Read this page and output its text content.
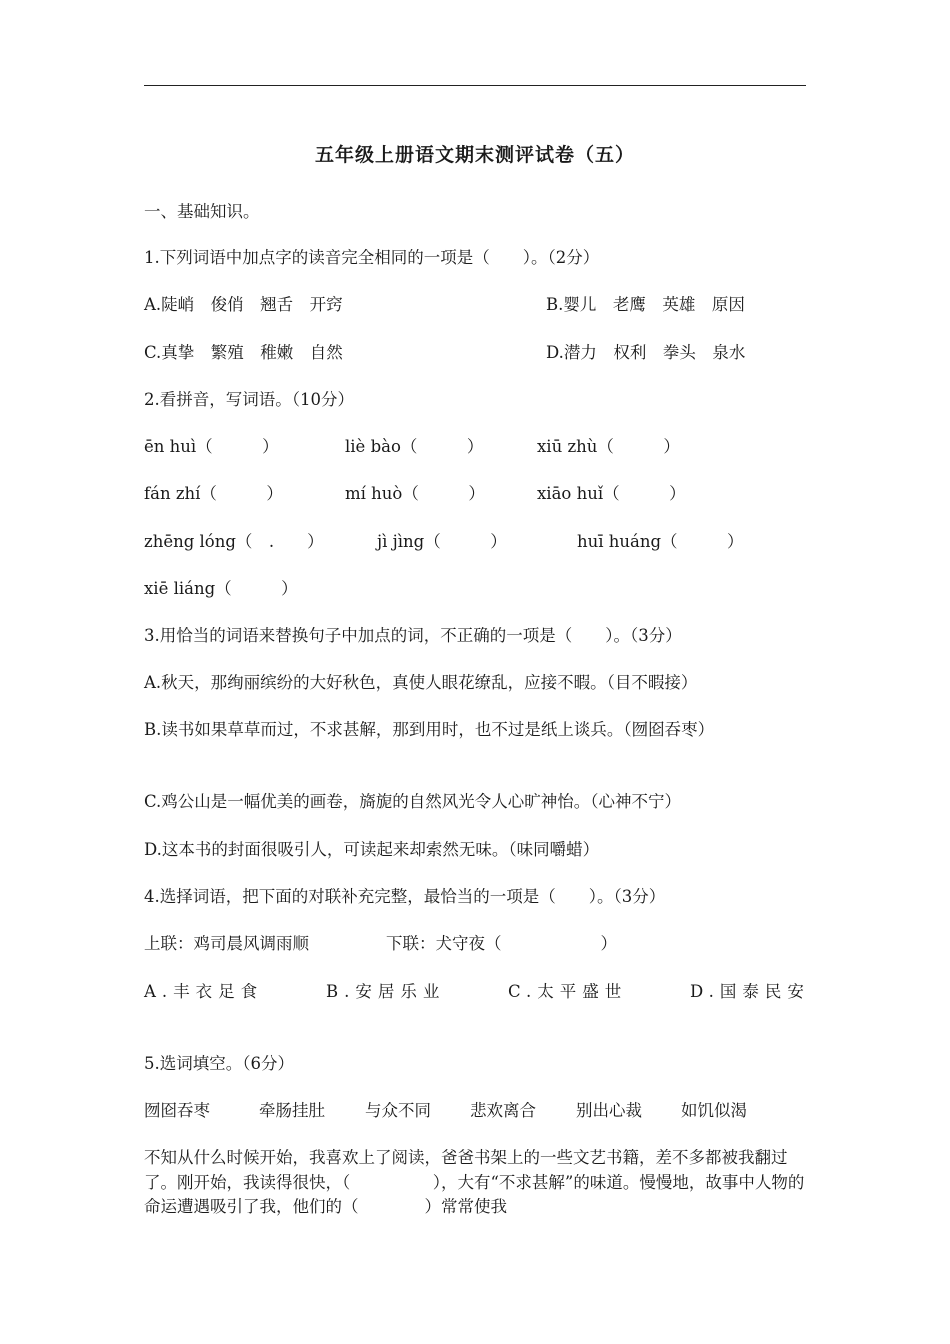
五年级上册语文期末测评试卷（五）
一、基础知识。
1.下列词语中加点字的读音完全相同的一项是（　　）。（2分）
A.陡峭　俊俏　翘舌　开窍	B.婴儿　老鹰　英雄　原因
C.真挚　繁殖　稚嫩　自然	D.潜力　权利　拳头　泉水
2.看拼音，写词语。（10分）
ēn huì（　　　）	liè bào（　　　）	xiū zhù（　　　）
fán zhí（　　　）	mí huò（　　　）	xiāo huǐ（　　　）
zhēng lóng（　.　　）	jì jìng（　　　）	huī huáng（　　　）
xiē liáng（　　　）
3.用恰当的词语来替换句子中加点的词，不正确的一项是（　　）。（3分）
A.秋天，那绚丽缤纷的大好秋色，真使人眼花缭乱，应接不暇。（目不暇接）
B.读书如果草草而过，不求甚解，那到用时，也不过是纸上谈兵。（囫囵吞枣）
C.鸡公山是一幅优美的画卷，旖旎的自然风光令人心旷神怡。（心神不宁）
D.这本书的封面很吸引人，可读起来却索然无味。（味同嚼蜡）
4.选择词语，把下面的对联补充完整，最恰当的一项是（　　）。（3分）
上联：鸡司晨风调雨顺	下联：犬守夜（　　　　　　）
A.丰衣足食	B.安居乐业	C.太平盛世	D.国泰民安
5.选词填空。（6分）
囫囵吞枣	牵肠挂肚 与众不同 悲欢离合 别出心裁 如饥似渴
不知从什么时候开始，我喜欢上了阅读，爸爸书架上的一些文艺书籍，差不多都被我翻过了。刚开始，我读得很快，（　　　　　），大有“不求甚解”的味道。慢慢地，故事中人物的命运遭遇吸引了我，他们的（　　　　）常常使我
